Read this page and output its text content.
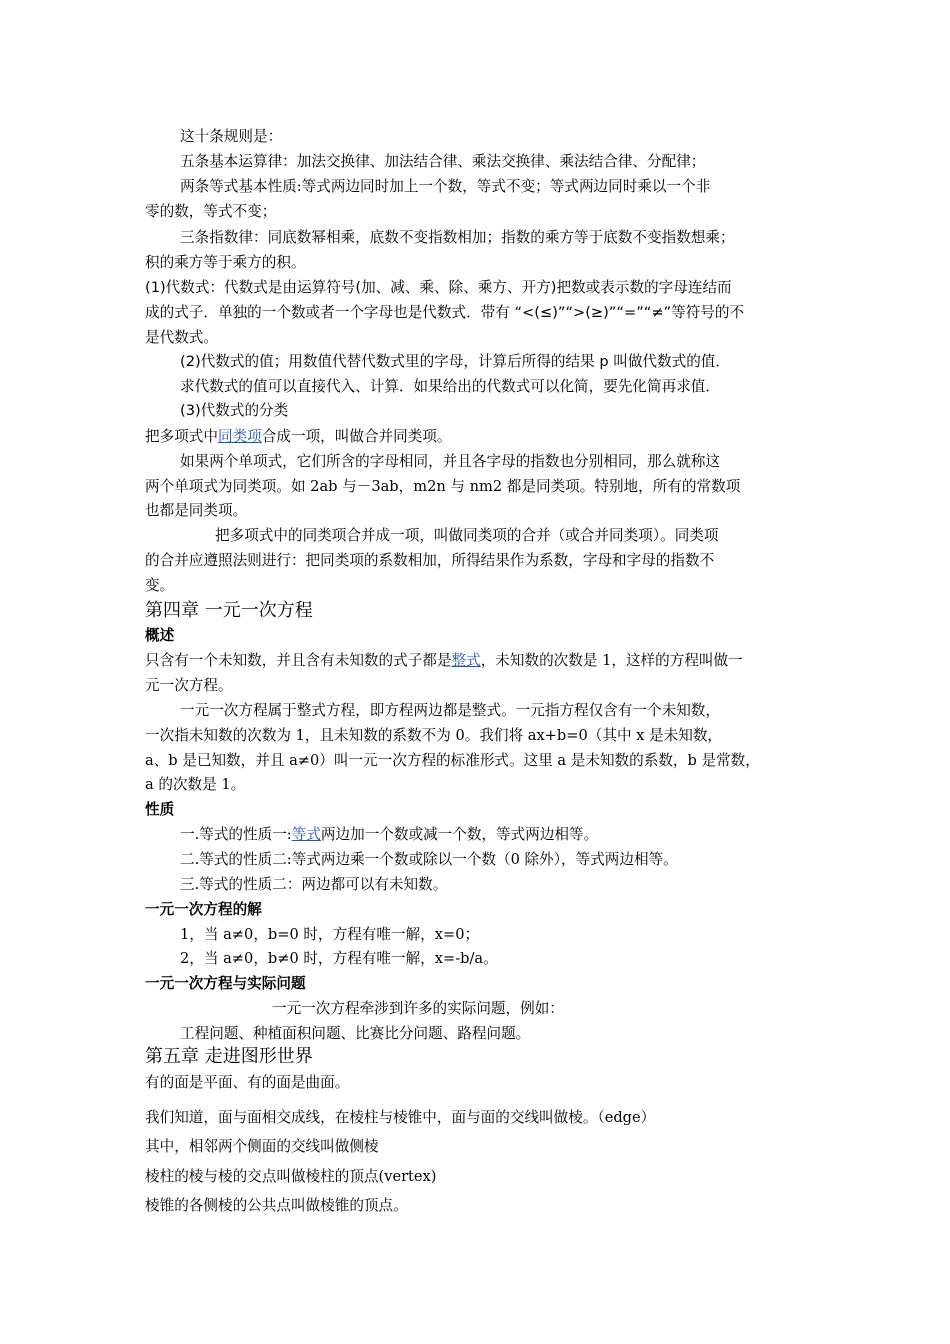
这十条规则是：
五条基本运算律：加法交换律、加法结合律、乘法交换律、乘法结合律、分配律；
两条等式基本性质:等式两边同时加上一个数，等式不变；等式两边同时乘以一个非
零的数，等式不变；
三条指数律：同底数幂相乘，底数不变指数相加；指数的乘方等于底数不变指数想乘；
积的乘方等于乘方的积。
(1)代数式：代数式是由运算符号(加、减、乘、除、乘方、开方)把数或表示数的字母连结而
成的式子．单独的一个数或者一个字母也是代数式．带有 “<(≤)”“>(≥)”“=”“≠”等符号的不
是代数式。
(2)代数式的值；用数值代替代数式里的字母，计算后所得的结果 p 叫做代数式的值．
求代数式的值可以直接代入、计算．如果给出的代数式可以化简，要先化简再求值．
(3)代数式的分类
把多项式中同类项合成一项，叫做合并同类项。
如果两个单项式，它们所含的字母相同，并且各字母的指数也分别相同，那么就称这
两个单项式为同类项。如 2ab 与－3ab，m2n 与 nm2 都是同类项。特别地，所有的常数项
也都是同类项。
把多项式中的同类项合并成一项，叫做同类项的合并（或合并同类项）。同类项
的合并应遵照法则进行：把同类项的系数相加，所得结果作为系数，字母和字母的指数不
变。
第四章 一元一次方程
概述
只含有一个未知数，并且含有未知数的式子都是整式，未知数的次数是 1，这样的方程叫做一
元一次方程。
一元一次方程属于整式方程，即方程两边都是整式。一元指方程仅含有一个未知数，
一次指未知数的次数为 1，且未知数的系数不为 0。我们将 ax+b=0（其中 x 是未知数，
a、b 是已知数，并且 a≠0）叫一元一次方程的标准形式。这里 a 是未知数的系数，b 是常数，
a 的次数是 1。
性质
一.等式的性质一:等式两边加一个数或减一个数，等式两边相等。
二.等式的性质二:等式两边乘一个数或除以一个数（0 除外），等式两边相等。
三.等式的性质二：两边都可以有未知数。
一元一次方程的解
1，当 a≠0，b=0 时，方程有唯一解，x=0；
2，当 a≠0，b≠0 时，方程有唯一解，x=-b/a。
一元一次方程与实际问题
一元一次方程牵涉到许多的实际问题，例如：
工程问题、种植面积问题、比赛比分问题、路程问题。
第五章 走进图形世界
有的面是平面、有的面是曲面。
我们知道，面与面相交成线，在棱柱与棱锥中，面与面的交线叫做棱。（edge）
其中，相邻两个侧面的交线叫做侧棱
棱柱的棱与棱的交点叫做棱柱的顶点(vertex)
棱锥的各侧棱的公共点叫做棱锥的顶点。
